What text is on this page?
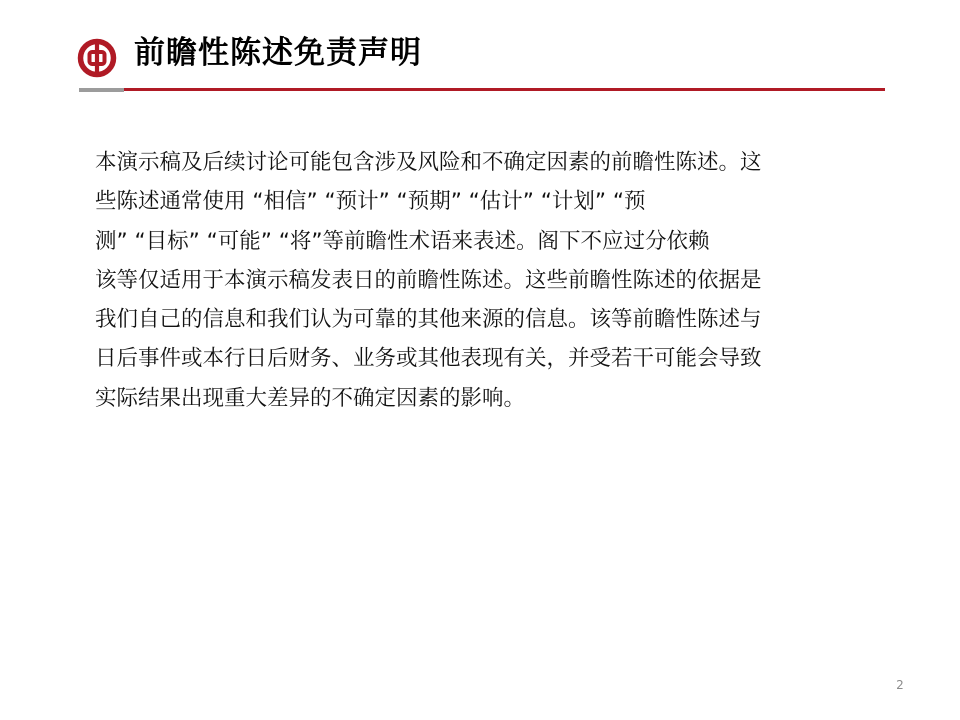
前瞻性陈述免责声明
本演示稿及后续讨论可能包含涉及风险和不确定因素的前瞻性陈述。这
些陈述通常使用 “相信” “预计” “预期” “估计” “计划” “预
测” “目标” “可能” “将”等前瞻性术语来表述。阁下不应过分依赖
该等仅适用于本演示稿发表日的前瞻性陈述。这些前瞻性陈述的依据是
我们自己的信息和我们认为可靠的其他来源的信息。该等前瞻性陈述与
日后事件或本行日后财务、业务或其他表现有关，并受若干可能会导致
实际结果出现重大差异的不确定因素的影响。
2
